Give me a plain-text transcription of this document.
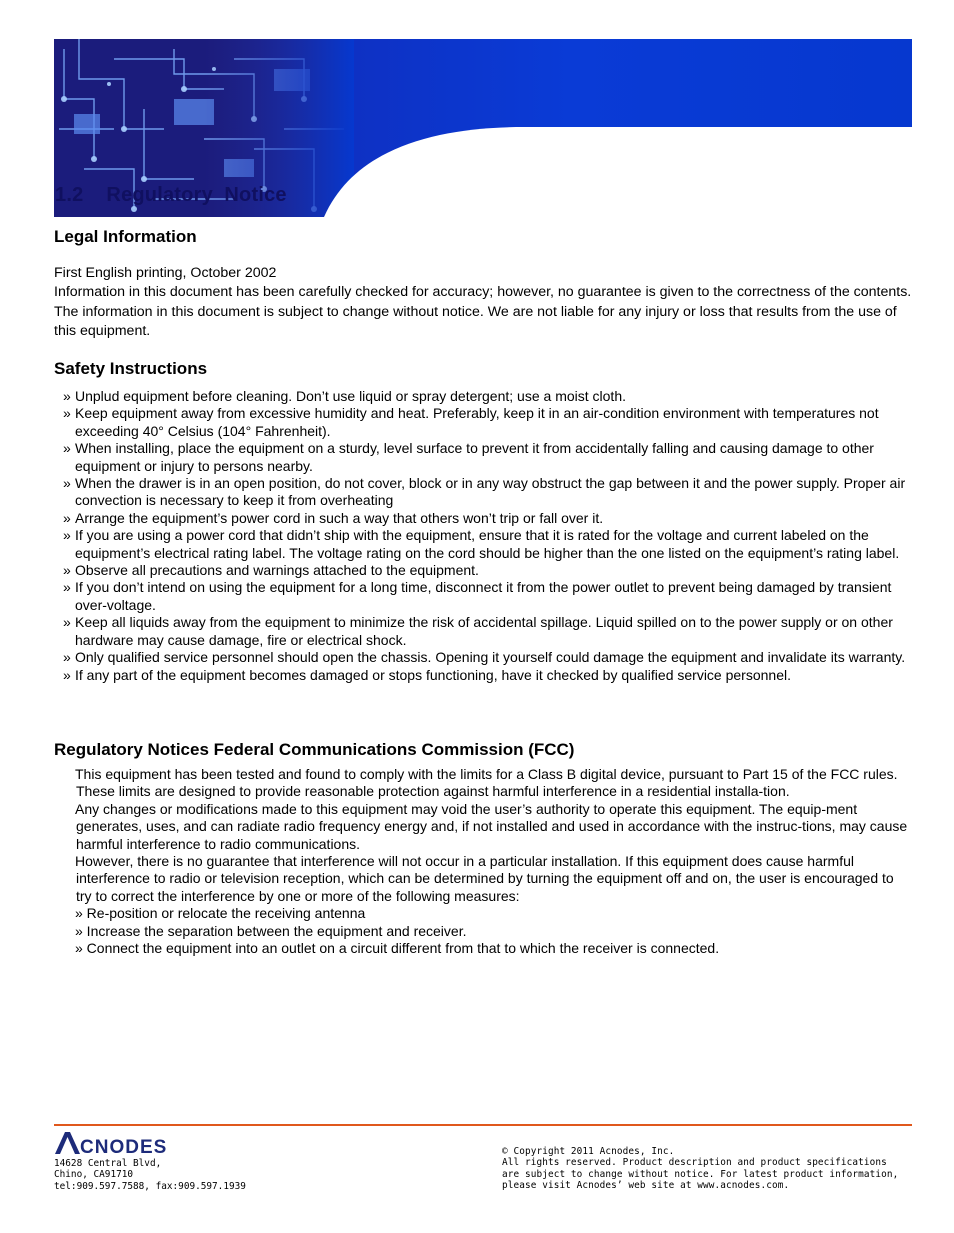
1.2    Regulatory  Notice
Legal Information
First English printing, October 2002
Information in this document has been carefully checked for accuracy; however, no guarantee is given to the correctness of the contents. The information in this document is subject to change without notice. We are not liable for any injury or loss that results from the use of this equipment.
Safety Instructions
» Unplud equipment before cleaning. Don’t use liquid or spray detergent; use a moist cloth.
» Keep equipment away from excessive humidity and heat. Preferably, keep it in an air-condition environment with temperatures not exceeding 40° Celsius (104° Fahrenheit).
» When installing, place the equipment on a sturdy, level surface to prevent it from accidentally falling and causing damage to other equipment or injury to persons nearby.
» When the drawer is in an open position, do not cover, block or in any way obstruct the gap between it and the power supply. Proper air convection is necessary to keep it from overheating
» Arrange the equipment’s power cord in such a way that others won’t trip or fall over it.
» If you are using a power cord that didn’t ship with the equipment, ensure that it is rated for the voltage and current labeled on the equipment’s electrical rating label. The voltage rating on the cord should be higher than the one listed on the equipment’s rating label.
» Observe all precautions and warnings attached to the equipment.
» If you don’t intend on using the equipment for a long time, disconnect it from the power outlet to prevent being damaged by transient over-voltage.
» Keep all liquids away from the equipment to minimize the risk of accidental spillage. Liquid spilled on to the power supply or on other hardware may cause damage, fire or electrical shock.
» Only qualified service personnel should open the chassis. Opening it yourself could damage the equipment and invalidate its warranty.
» If any part of the equipment becomes damaged or stops functioning, have it checked by qualified service personnel.
Regulatory Notices Federal Communications Commission (FCC)
This equipment has been tested and found to comply with the limits for a Class B digital device, pursuant to Part 15 of the FCC rules. These limits are designed to provide reasonable protection against harmful interference in a residential installa-tion.
Any changes or modifications made to this equipment may void the user’s authority to operate this equipment. The equip-ment generates, uses, and can radiate radio frequency energy and, if not installed and used in accordance with the instruc-tions, may cause harmful interference to radio communications.
However, there is no guarantee that interference will not occur in a particular installation. If this equipment does cause harmful interference to radio or television reception, which can be determined by turning the equipment off and on, the user is encouraged to try to correct the interference by one or more of the following measures:
» Re-position or relocate the receiving antenna
» Increase the separation between the equipment and receiver.
» Connect the equipment into an outlet on a circuit different from that to which the receiver is connected.
CNODES
14628 Central Blvd,
Chino, CA91710
tel:909.597.7588, fax:909.597.1939
© Copyright 2011 Acnodes, Inc.
All rights reserved. Product description and product specifications
are subject to change without notice. For latest product information,
please visit Acnodes’ web site at www.acnodes.com.
